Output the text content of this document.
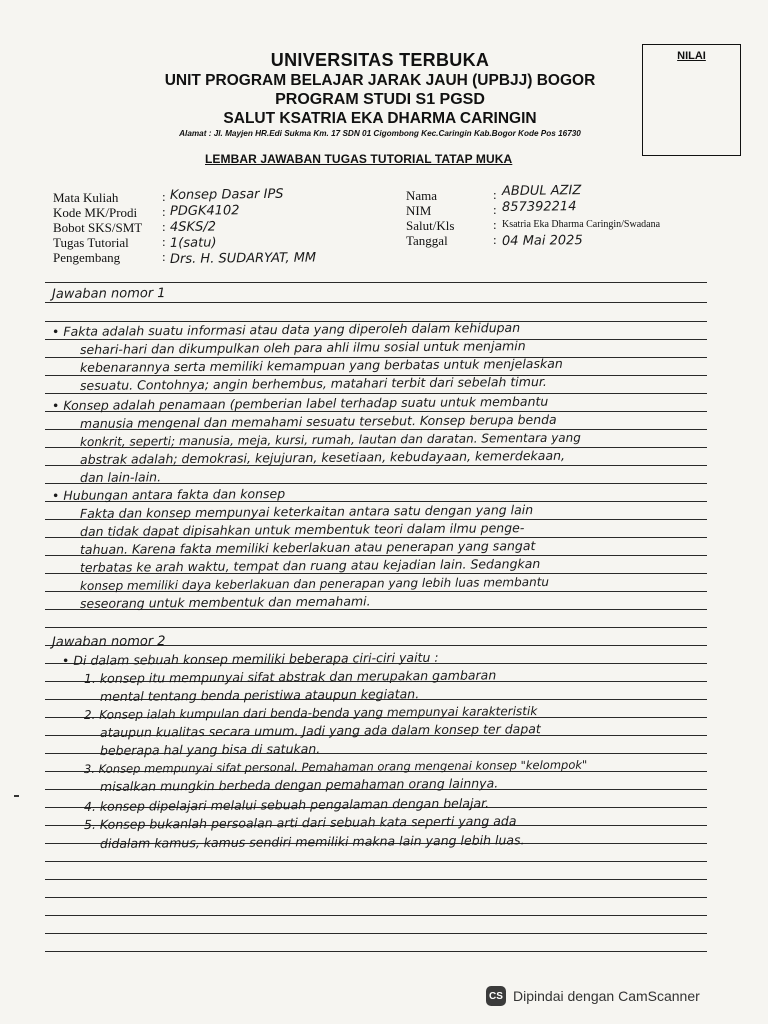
UNIVERSITAS TERBUKA
UNIT PROGRAM BELAJAR JARAK JAUH (UPBJJ) BOGOR
PROGRAM STUDI S1 PGSD
SALUT KSATRIA EKA DHARMA CARINGIN
Alamat : Jl. Mayjen HR.Edi Sukma Km. 17 SDN 01 Cigombong Kec.Caringin Kab.Bogor Kode Pos 16730
NILAI
LEMBAR JAWABAN TUGAS TUTORIAL TATAP MUKA
Mata Kuliah
Kode MK/Prodi
Bobot SKS/SMT
Tugas Tutorial
Pengembang
:
:
:
:
:
Konsep Dasar IPS
PDGK4102
4SKS/2
1(satu)
Drs. H. SUDARYAT, MM
Nama
NIM
Salut/Kls
Tanggal
:
:
:
:
ABDUL AZIZ
857392214
Ksatria Eka Dharma Caringin/Swadana
04 Mai 2025
Jawaban nomor 1
• Fakta adalah suatu informasi atau data yang diperoleh dalam kehidupan
sehari-hari dan dikumpulkan oleh para ahli ilmu sosial untuk menjamin
kebenarannya serta memiliki kemampuan yang berbatas untuk menjelaskan
sesuatu. Contohnya; angin berhembus, matahari terbit dari sebelah timur.
• Konsep adalah penamaan (pemberian label terhadap suatu untuk membantu
manusia mengenal dan memahami sesuatu tersebut. Konsep berupa benda
konkrit, seperti; manusia, meja, kursi, rumah, lautan dan daratan. Sementara yang
abstrak adalah; demokrasi, kejujuran, kesetiaan, kebudayaan, kemerdekaan,
dan lain-lain.
• Hubungan antara fakta dan konsep
Fakta dan konsep mempunyai keterkaitan antara satu dengan yang lain
dan tidak dapat dipisahkan untuk membentuk teori dalam ilmu penge-
tahuan. Karena fakta memiliki keberlakuan atau penerapan yang sangat
terbatas ke arah waktu, tempat dan ruang atau kejadian lain. Sedangkan
konsep memiliki daya keberlakuan dan penerapan yang lebih luas membantu
seseorang untuk membentuk dan memahami.
Jawaban nomor 2
• Di dalam sebuah konsep memiliki beberapa ciri-ciri yaitu :
1. konsep itu mempunyai sifat abstrak dan merupakan gambaran
mental tentang benda peristiwa ataupun kegiatan.
2. Konsep ialah kumpulan dari benda-benda yang mempunyai karakteristik
ataupun kualitas secara umum. Jadi yang ada dalam konsep ter dapat
beberapa hal yang bisa di satukan.
3. Konsep mempunyai sifat personal. Pemahaman orang mengenai konsep "kelompok"
misalkan mungkin berbeda dengan pemahaman orang lainnya.
4. konsep dipelajari melalui sebuah pengalaman dengan belajar.
5. Konsep bukanlah persoalan arti dari sebuah kata seperti yang ada
didalam kamus, kamus sendiri memiliki makna lain yang lebih luas.
CS Dipindai dengan CamScanner
